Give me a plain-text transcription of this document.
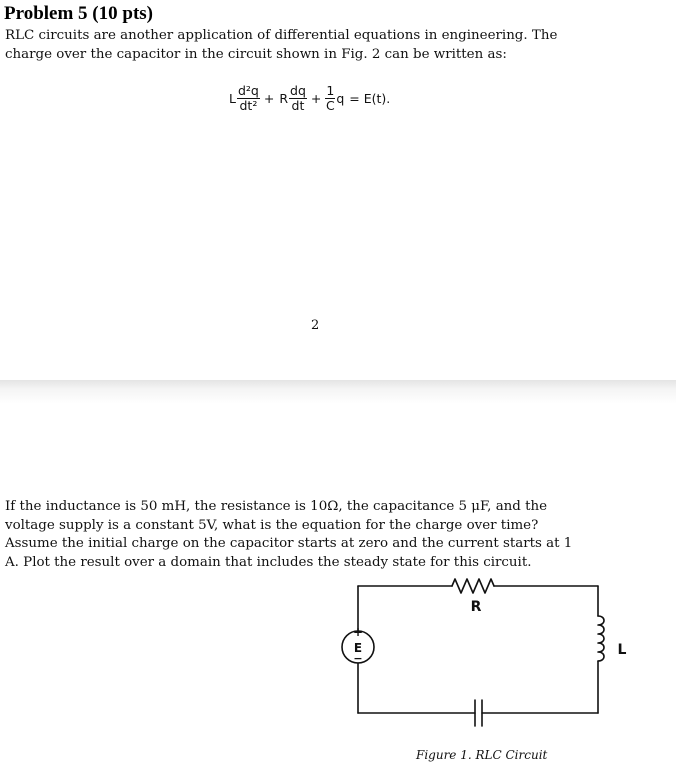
Problem 5 (10 pts)
RLC circuits are another application of differential equations in engineering. The
charge over the capacitor in the circuit shown in Fig. 2 can be written as:
L $\frac{\text{d²q}}{\text{dt²}} + R \frac{dq}{dt} + \frac{1}{C}$ q = E(t).
2
If the inductance is 50 mH, the resistance is 10Ω, the capacitance 5 μF, and the
voltage supply is a constant 5V, what is the equation for the charge over time?
Assume the initial charge on the capacitor starts at zero and the current starts at 1
A. Plot the result over a domain that includes the steady state for this circuit.
+
E
−
R
L
Figure 1. RLC Circuit
